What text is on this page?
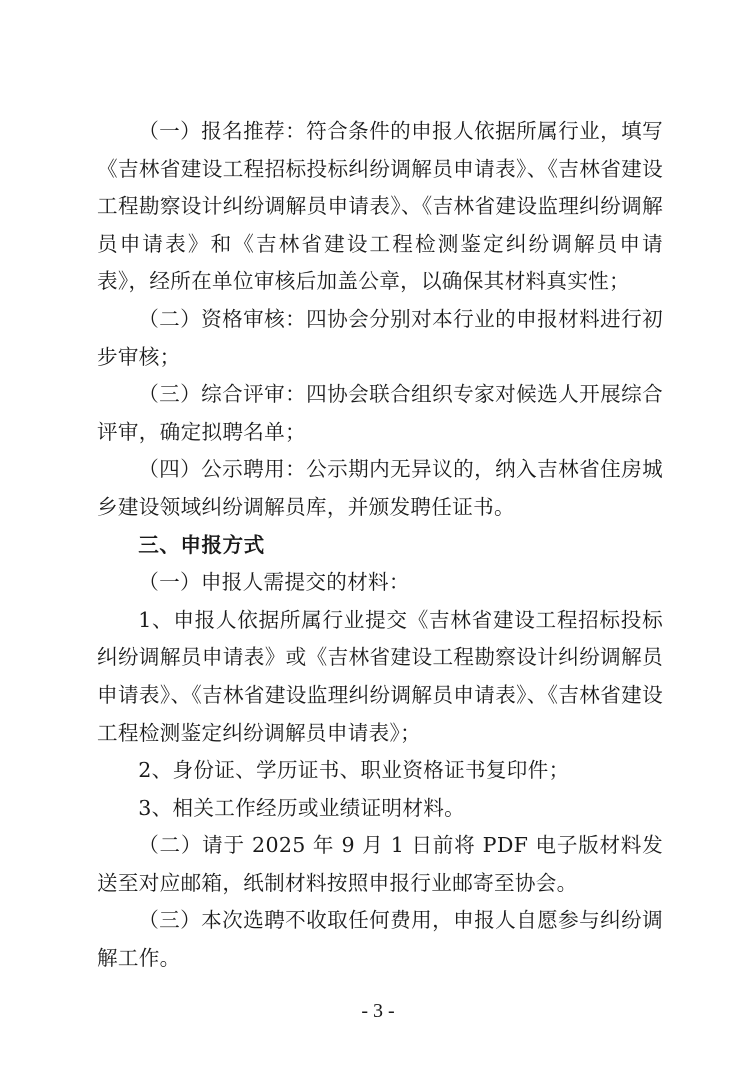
（一）报名推荐：符合条件的申报人依据所属行业，填写《吉林省建设工程招标投标纠纷调解员申请表》、《吉林省建设工程勘察设计纠纷调解员申请表》、《吉林省建设监理纠纷调解员申请表》和《吉林省建设工程检测鉴定纠纷调解员申请表》，经所在单位审核后加盖公章，以确保其材料真实性；

（二）资格审核：四协会分别对本行业的申报材料进行初步审核；

（三）综合评审：四协会联合组织专家对候选人开展综合评审，确定拟聘名单；

（四）公示聘用：公示期内无异议的，纳入吉林省住房城乡建设领域纠纷调解员库，并颁发聘任证书。

三、申报方式

（一）申报人需提交的材料：

1、申报人依据所属行业提交《吉林省建设工程招标投标纠纷调解员申请表》或《吉林省建设工程勘察设计纠纷调解员申请表》、《吉林省建设监理纠纷调解员申请表》、《吉林省建设工程检测鉴定纠纷调解员申请表》；

2、身份证、学历证书、职业资格证书复印件；

3、相关工作经历或业绩证明材料。

（二）请于 2025 年 9 月 1 日前将 PDF 电子版材料发送至对应邮箱，纸制材料按照申报行业邮寄至协会。

（三）本次选聘不收取任何费用，申报人自愿参与纠纷调解工作。

- 3 -
